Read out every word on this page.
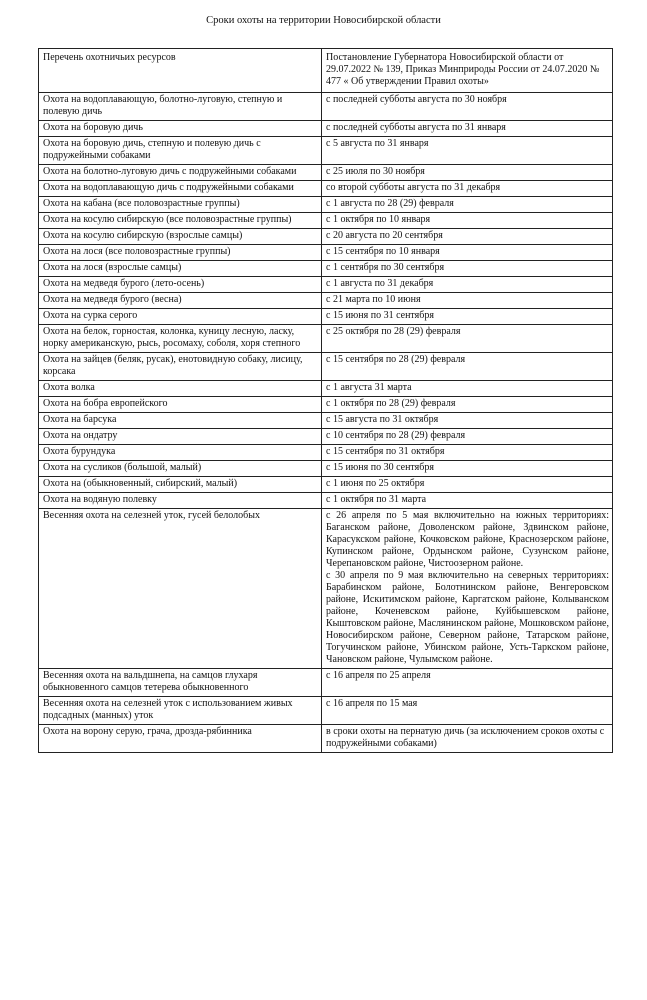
Сроки охоты на территории Новосибирской области
Перечень охотничьих ресурсов	Постановление Губернатора Новосибирской области от 29.07.2022 № 139, Приказ Минприроды России от 24.07.2020 № 477 « Об утверждении Правил охоты»
Охота на водоплавающую, болотно-луговую, степную и полевую дичь	с последней субботы августа по 30 ноября
Охота на боровую дичь	с последней субботы августа по 31 января
Охота на боровую дичь, степную и полевую дичь с подружейными собаками	с 5 августа по 31 января
Охота на болотно-луговую дичь с подружейными собаками	с 25 июля по 30 ноября
Охота на водоплавающую дичь с подружейными собаками	со второй субботы августа по 31 декабря
Охота на кабана (все половозрастные группы)	с 1 августа по 28 (29) февраля
Охота на косулю сибирскую (все половозрастные группы)	с 1 октября по 10 января
Охота на косулю сибирскую (взрослые самцы)	с 20 августа по 20 сентября
Охота на лося (все половозрастные группы)	с 15 сентября по 10 января
Охота на лося (взрослые самцы)	с 1 сентября по 30 сентября
Охота на медведя бурого (лето-осень)	с 1 августа по 31 декабря
Охота на медведя бурого (весна)	с 21 марта по 10 июня
Охота на сурка серого	с 15 июня по 31 сентября
Охота на белок, горностая, колонка, куницу лесную, ласку, норку американскую, рысь, росомаху, соболя, хоря степного	с 25 октября по 28 (29) февраля
Охота на зайцев (беляк, русак), енотовидную собаку, лисицу, корсака	с 15 сентября по 28 (29) февраля
Охота волка	с 1 августа 31 марта
Охота на бобра европейского	с 1 октября по 28 (29) февраля
Охота на барсука	с 15 августа по 31 октября
Охота на ондатру	с 10 сентября по 28 (29) февраля
Охота бурундука	с 15 сентября по 31 октября
Охота на сусликов (большой, малый)	с 15 июня по 30 сентября
Охота на (обыкновенный, сибирский, малый)	с 1 июня по 25 октября
Охота на водяную полевку	с 1 октября по 31 марта
Весенняя охота на селезней уток, гусей белолобых	с 26 апреля по 5 мая включительно на южных территориях: Баганском районе, Доволенском районе, Здвинском районе, Карасукском районе, Кочковском районе, Краснозерском районе, Купинском районе, Ордынском районе, Сузунском районе, Черепановском районе, Чистоозерном районе.
с 30 апреля по 9 мая включительно на северных территориях: Барабинском районе, Болотнинском районе, Венгеровском районе, Искитимском районе, Каргатском районе, Колыванском районе, Коченевском районе, Куйбышевском районе, Кыштовском районе, Маслянинском районе, Мошковском районе, Новосибирском районе, Северном районе, Татарском районе, Тогучинском районе, Убинском районе, Усть-Таркском районе, Чановском районе, Чулымском районе.

Весенняя охота на вальдшнепа, на самцов глухаря обыкновенного самцов тетерева обыкновенного	с 16 апреля по 25 апреля
Весенняя охота на селезней уток с использованием живых подсадных (манных) уток	с 16 апреля по 15 мая
Охота на ворону серую, грача, дрозда-рябинника	в сроки охоты на пернатую дичь (за исключением сроков охоты с подружейными собаками)
